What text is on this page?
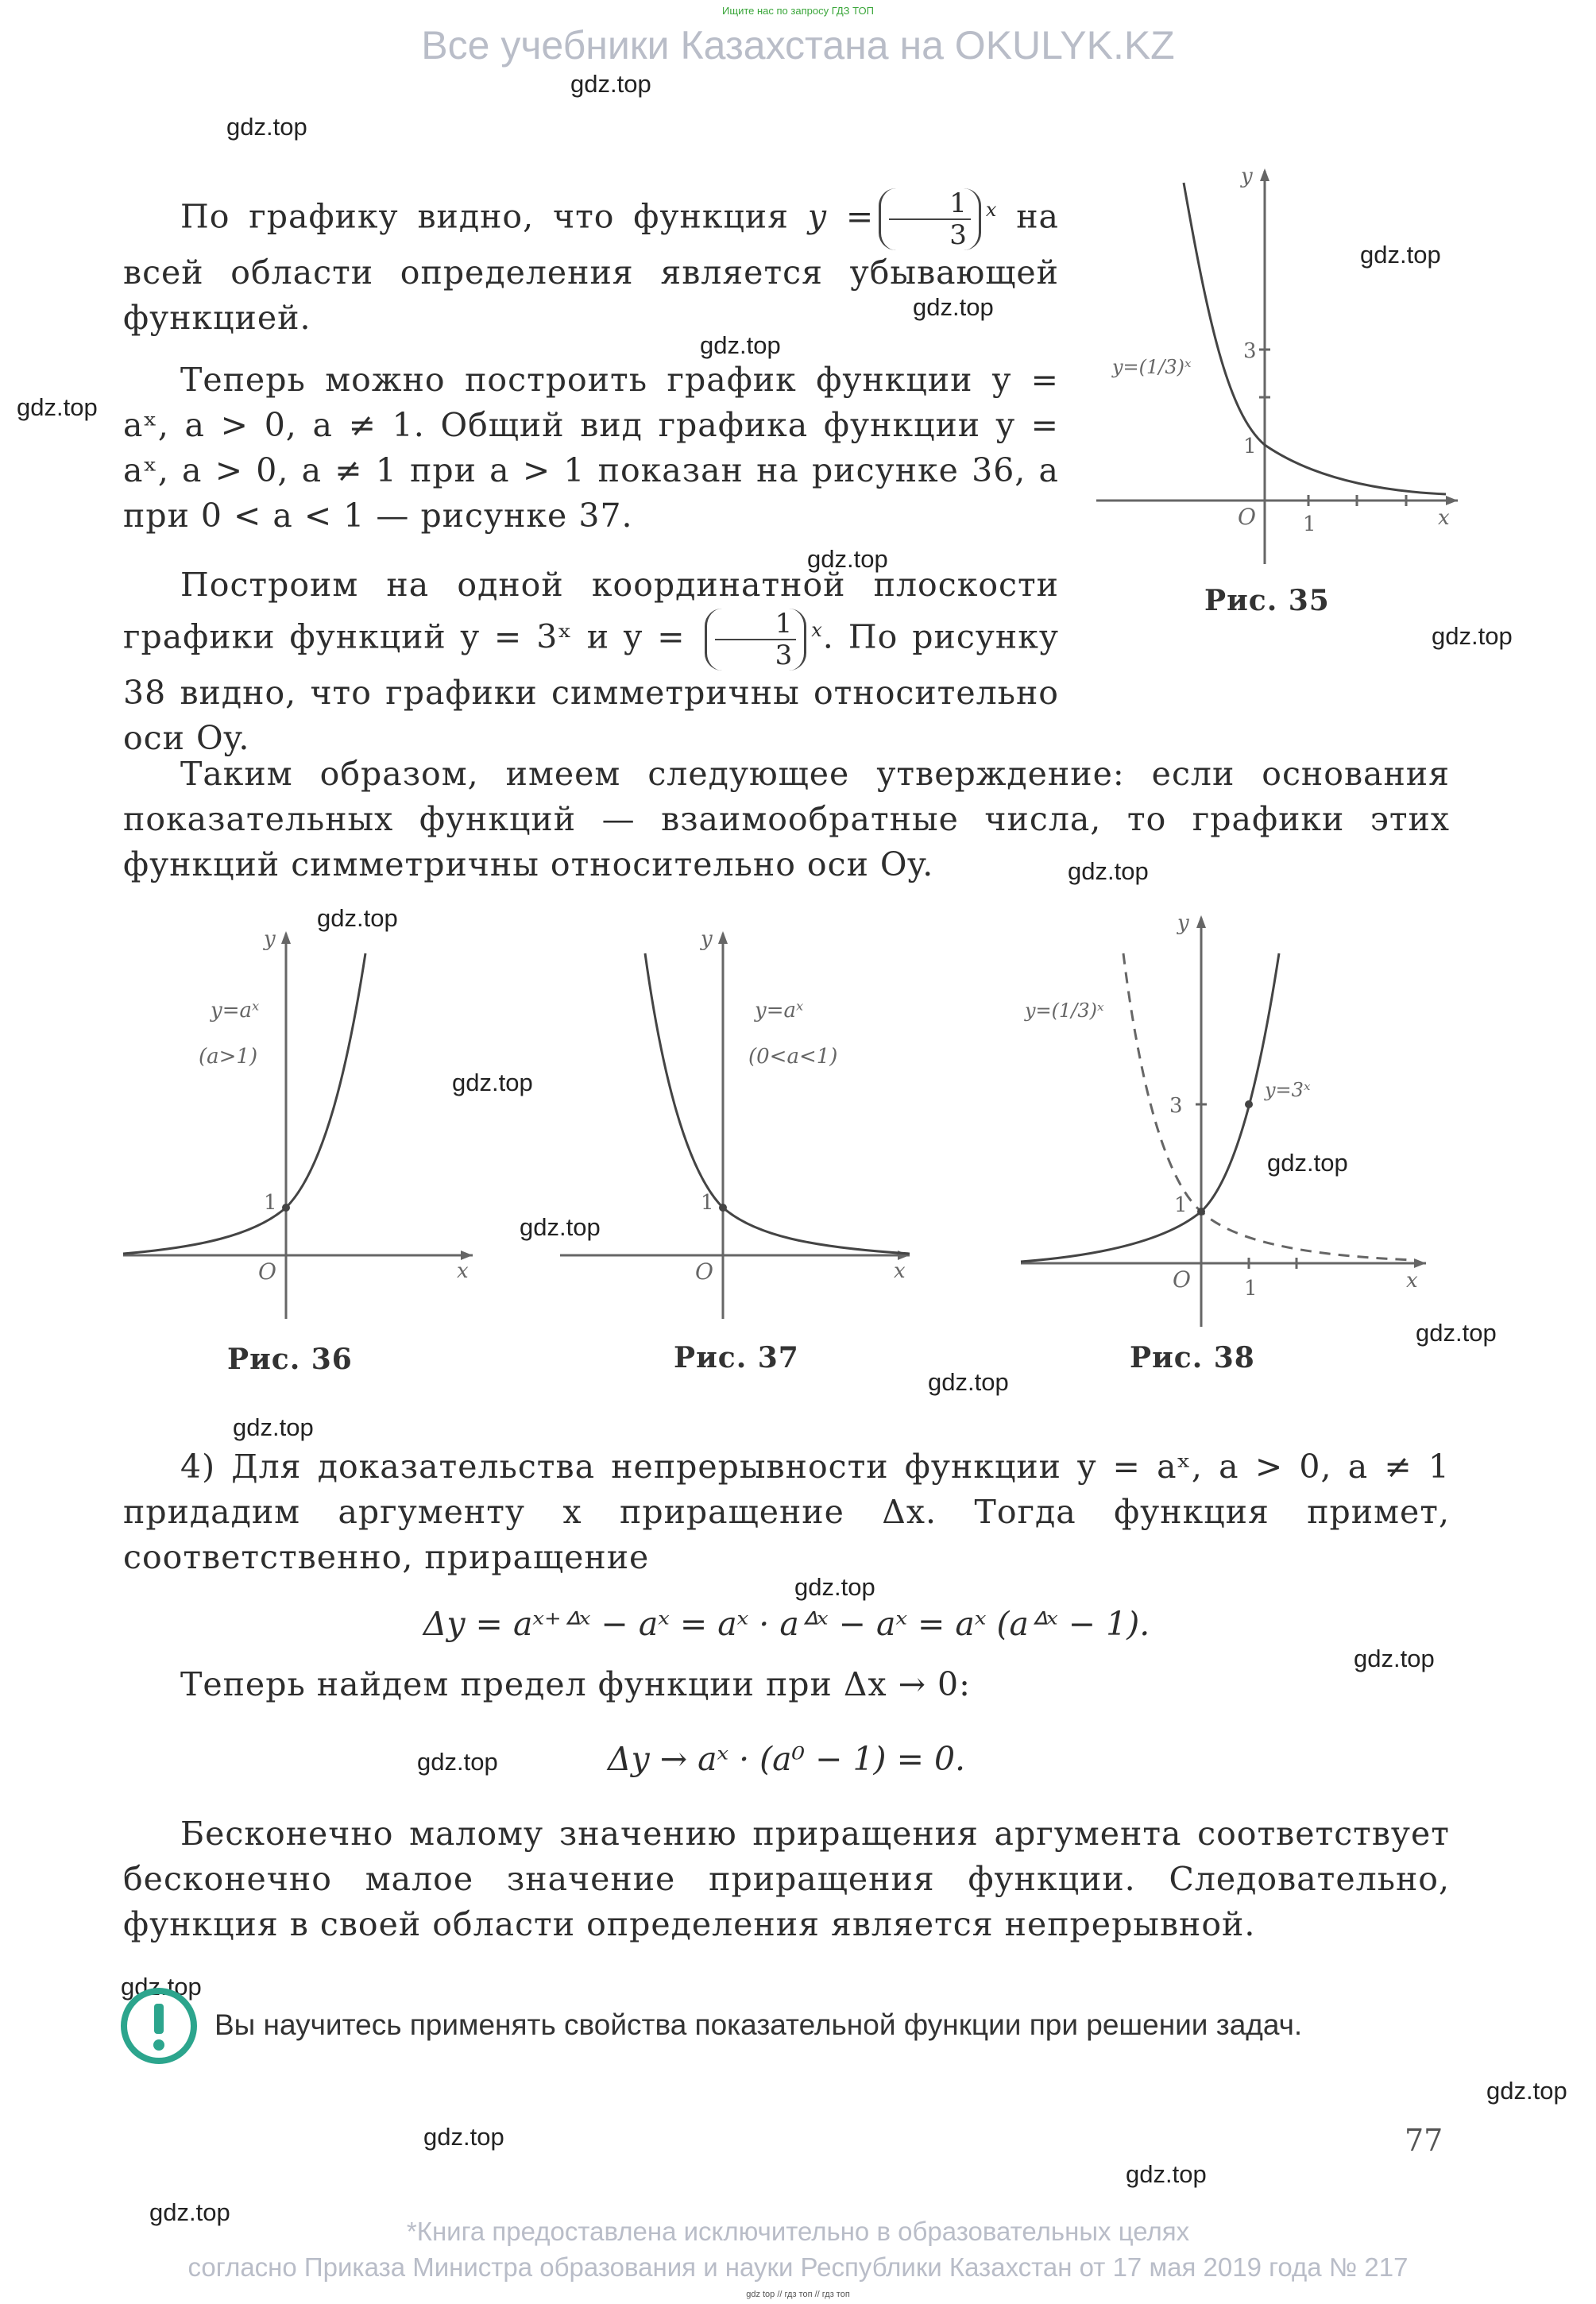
Ищите нас по запросу ГДЗ ТОП
Все учебники Казахстана на OKULYK.KZ
gdz.top
gdz.top
gdz.top
gdz.top
gdz.top
gdz.top
gdz.top
gdz.top
gdz.top
gdz.top
gdz.top
gdz.top
gdz.top
gdz.top
gdz.top
gdz.top
gdz.top
gdz.top
gdz.top
gdz.top
gdz.top
gdz.top
gdz.top
gdz.top

По графику видно, что функция $y = \frac{1}{3} ^x$ на всей области определения является убывающей функцией.

Теперь можно построить график функции y = aˣ, a > 0, a ≠ 1. Общий вид графика функции y = aˣ, a > 0, a ≠ 1 при a > 1 показан на рисунке 36, а при 0 < a < 1 — рисунке 37.

Построим на одной координатной плоскости графики функций y = 3ˣ и $y = \frac{1}{3} ^x$. По рисунку 38 видно, что графики симметричны относительно оси Oy.

3
1
1
O	x
y
y=(1/3)ˣ
Рис. 35

Таким образом, имеем следующее утверждение: если основания показательных функций — взаимообратные числа, то графики этих функций симметричны относительно оси Oy.

1
O	x
y
y=aˣ
(a>1)
Рис. 36
1
O	x
y
y=aˣ
(0<a<1)
Рис. 37
3
1
1
O	x
y
y=(1/3)ˣ
y=3ˣ
Рис. 38

4) Для доказательства непрерывности функции y = aˣ, a > 0, a ≠ 1 придадим аргументу x приращение Δx. Тогда функция примет, соответственно, приращение

Δy = aˣ⁺ᐞˣ − aˣ = aˣ · aᐞˣ − aˣ = aˣ (aᐞˣ − 1).

Теперь найдем предел функции при Δx → 0:

Δy → aˣ · (a⁰ − 1) = 0.

Бесконечно малому значению приращения аргумента соответствует бесконечно малое значение приращения функции. Следовательно, функция в своей области определения является непрерывной.

Вы научитесь применять свойства показательной функции при решении задач.
77
*Книга предоставлена исключительно в образовательных целях
согласно Приказа Министра образования и науки Республики Казахстан от 17 мая 2019 года № 217
gdz top // гдз топ // гдз топ
